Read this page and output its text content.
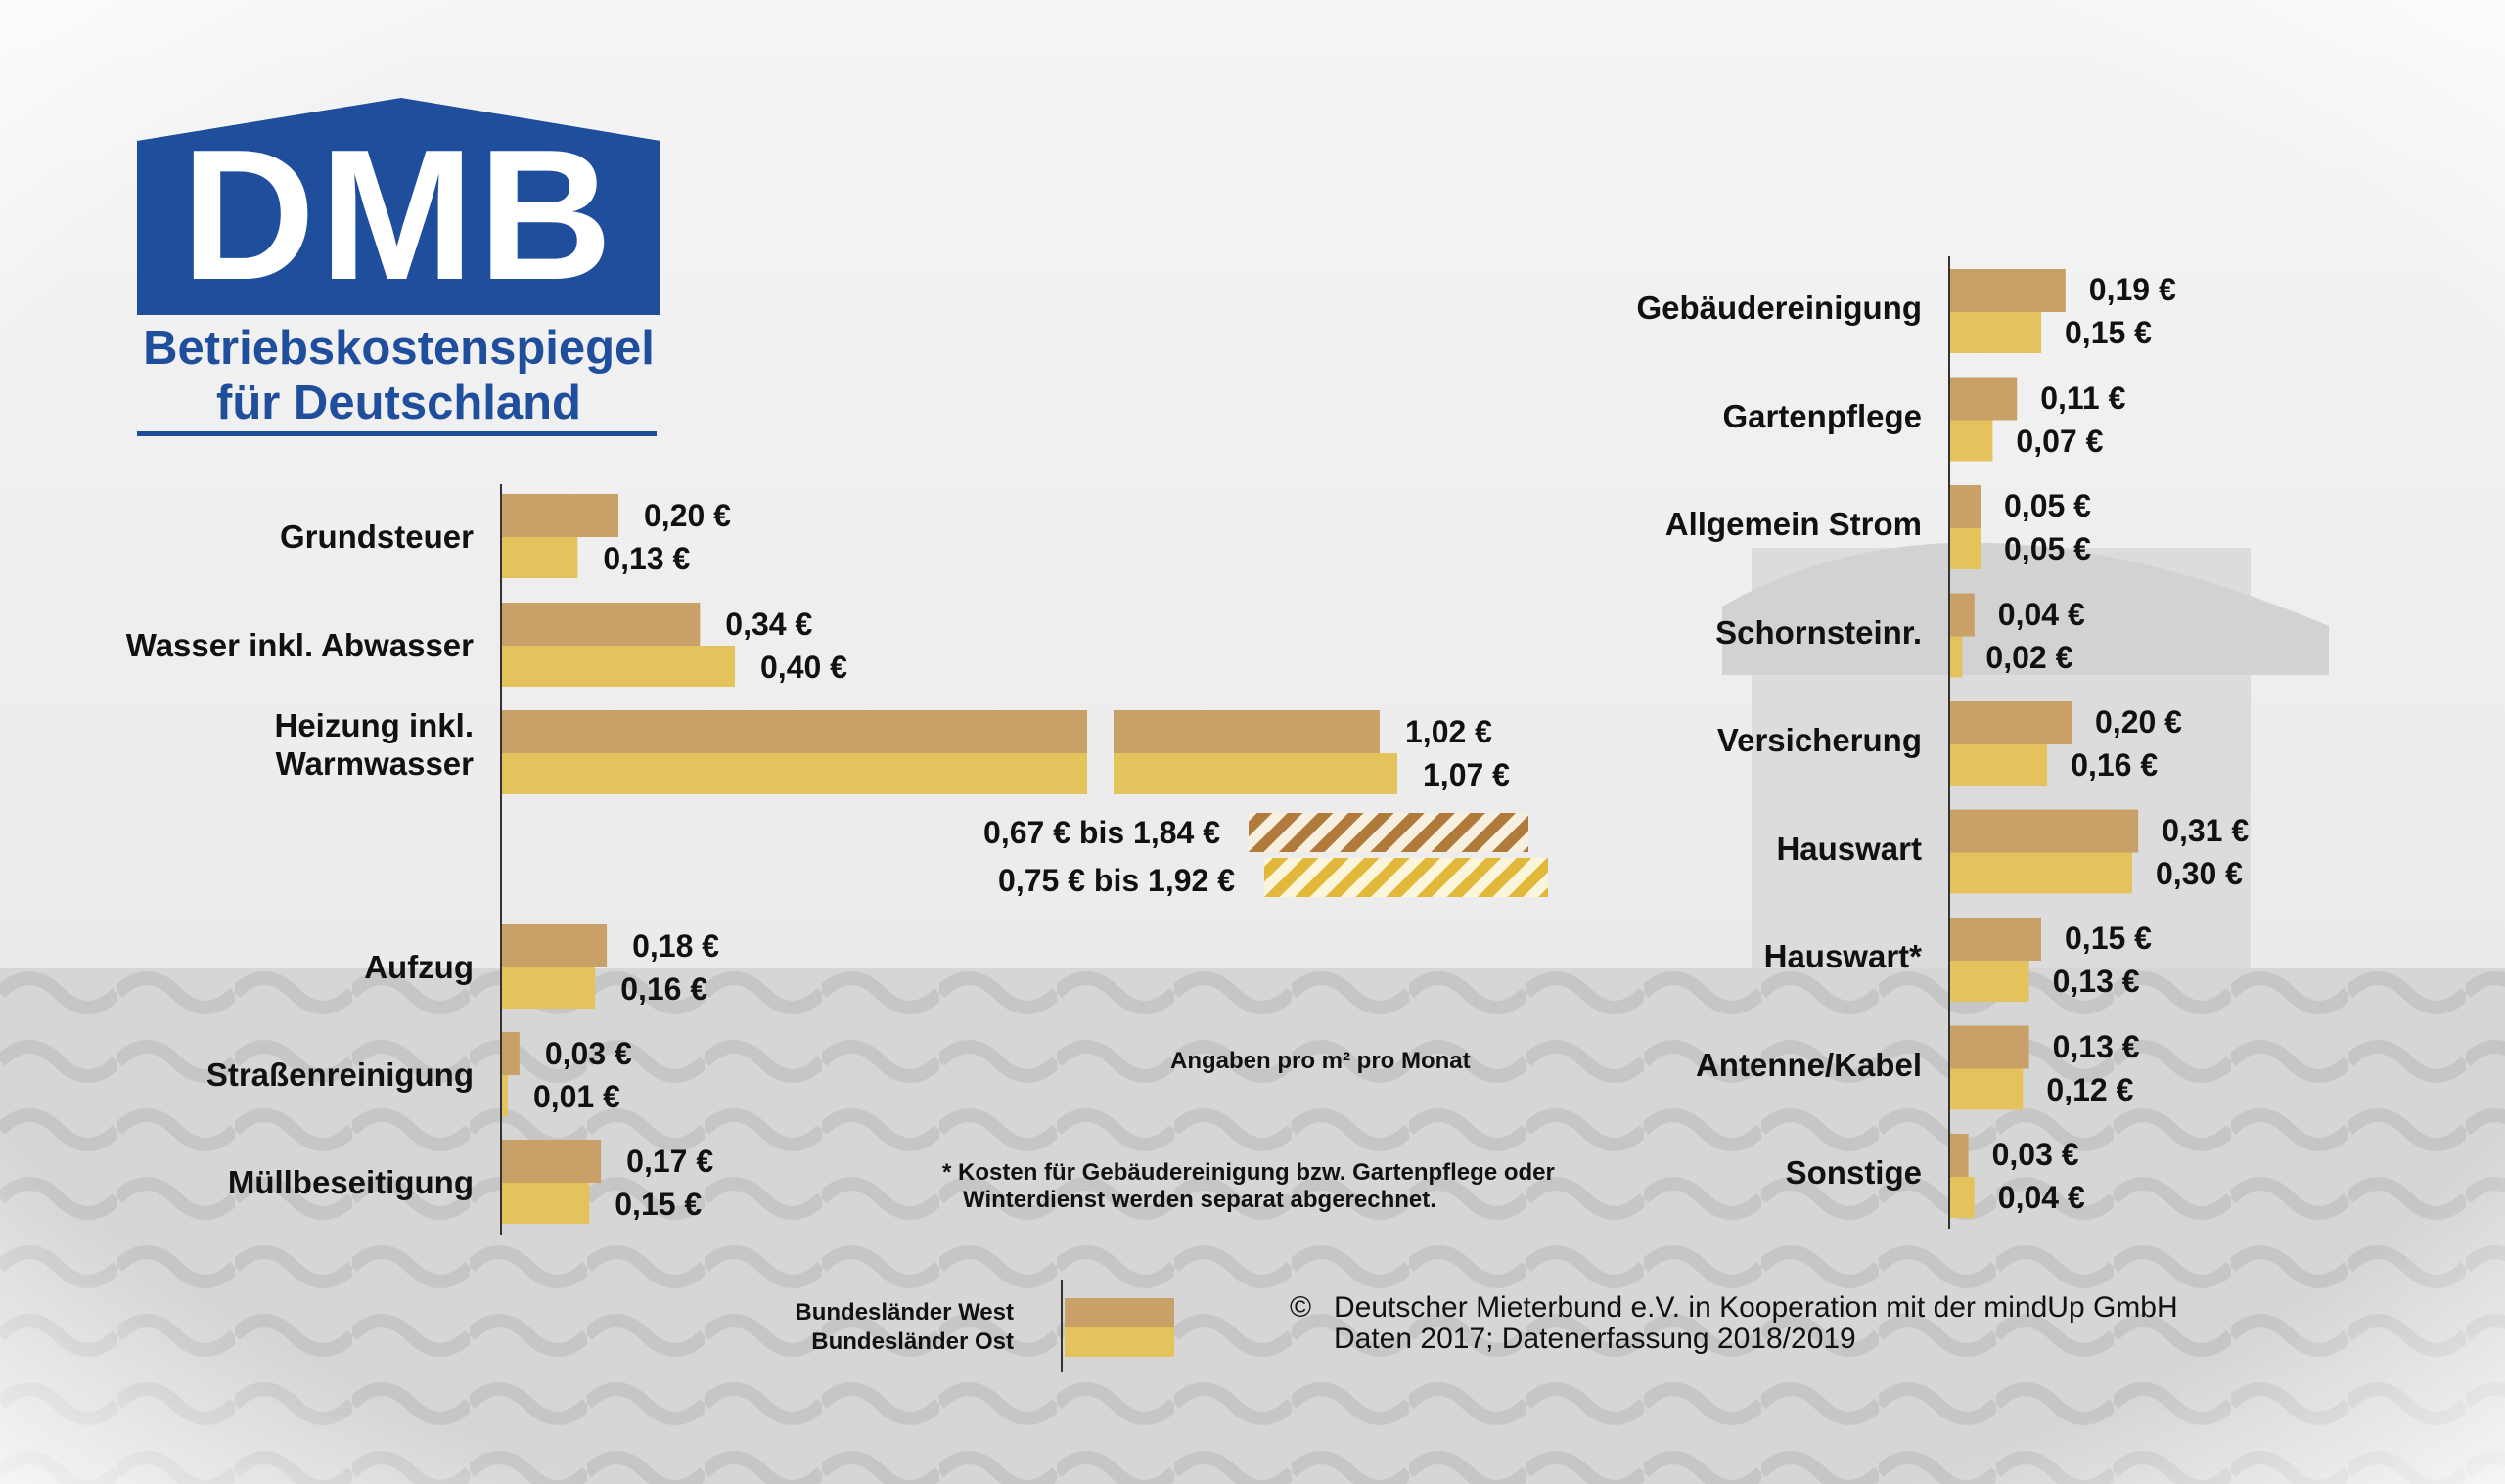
DMB
Betriebskostenspiegel
für Deutschland
0,20 €
0,13 €
Grundsteuer
0,34 €
0,40 €
Wasser inkl. Abwasser
1,02 €
1,07 €
Heizung inkl.
Warmwasser
0,18 €
0,16 €
Aufzug
0,03 €
0,01 €
Straßenreinigung
0,17 €
0,15 €
Müllbeseitigung
0,19 €
0,15 €
Gebäudereinigung
0,11 €
0,07 €
Gartenpflege
0,05 €
0,05 €
Allgemein Strom
0,04 €
0,02 €
Schornsteinr.
0,20 €
0,16 €
Versicherung
0,31 €
0,30 €
Hauswart
0,15 €
0,13 €
Hauswart*
0,13 €
0,12 €
Antenne/Kabel
0,03 €
0,04 €
Sonstige
0,67 € bis 1,84 €
0,75 € bis 1,92 €
Angaben pro m² pro Monat
* Kosten für Gebäudereinigung bzw. Gartenpflege oder
Winterdienst werden separat abgerechnet.
Bundesländer West
Bundesländer Ost
© Deutscher Mieterbund e.V. in Kooperation mit der mindUp GmbH
Daten 2017; Datenerfassung 2018/2019
